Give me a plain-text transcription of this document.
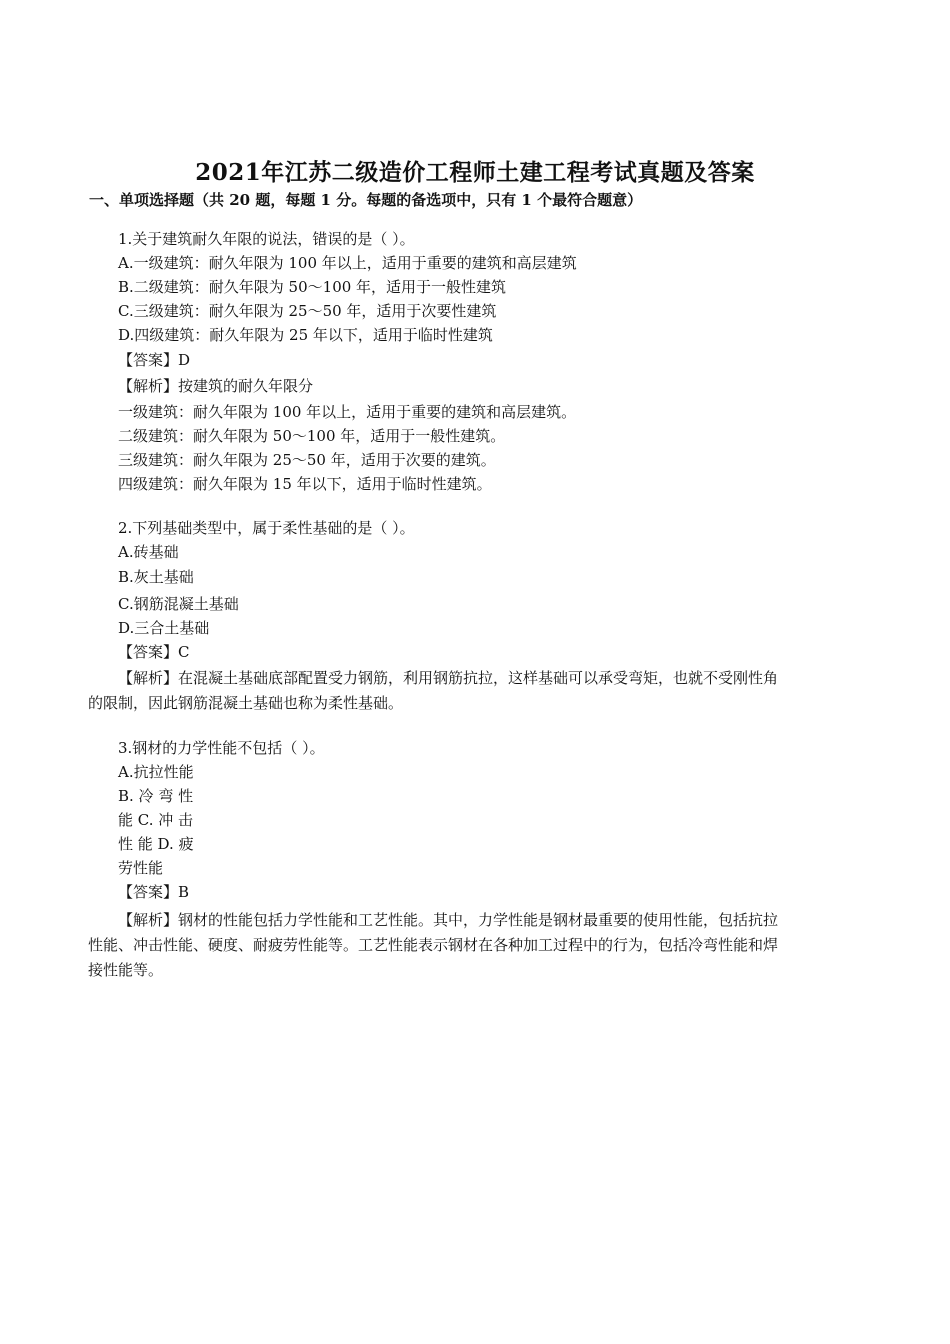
2021年江苏二级造价工程师土建工程考试真题及答案

一、单项选择题（共 20 题，每题 1 分。每题的备选项中，只有 1 个最符合题意）

1.关于建筑耐久年限的说法，错误的是（ ）。

A.一级建筑：耐久年限为 100 年以上，适用于重要的建筑和高层建筑

B.二级建筑：耐久年限为 50～100 年，适用于一般性建筑

C.三级建筑：耐久年限为 25～50 年，适用于次要性建筑

D.四级建筑：耐久年限为 25 年以下，适用于临时性建筑

【答案】D

【解析】按建筑的耐久年限分

一级建筑：耐久年限为 100 年以上，适用于重要的建筑和高层建筑。

二级建筑：耐久年限为 50～100 年，适用于一般性建筑。

三级建筑：耐久年限为 25～50 年，适用于次要的建筑。

四级建筑：耐久年限为 15 年以下，适用于临时性建筑。

2.下列基础类型中，属于柔性基础的是（ ）。

A.砖基础

B.灰土基础

C.钢筋混凝土基础

D.三合土基础

【答案】C

【解析】在混凝土基础底部配置受力钢筋，利用钢筋抗拉，这样基础可以承受弯矩，也就不受刚性角

的限制，因此钢筋混凝土基础也称为柔性基础。

3.钢材的力学性能不包括（ ）。

A.抗拉性能

B. 冷 弯 性

能 C. 冲 击

性 能 D. 疲

劳性能

【答案】B

【解析】钢材的性能包括力学性能和工艺性能。其中，力学性能是钢材最重要的使用性能，包括抗拉

性能、冲击性能、硬度、耐疲劳性能等。工艺性能表示钢材在各种加工过程中的行为，包括冷弯性能和焊

接性能等。
